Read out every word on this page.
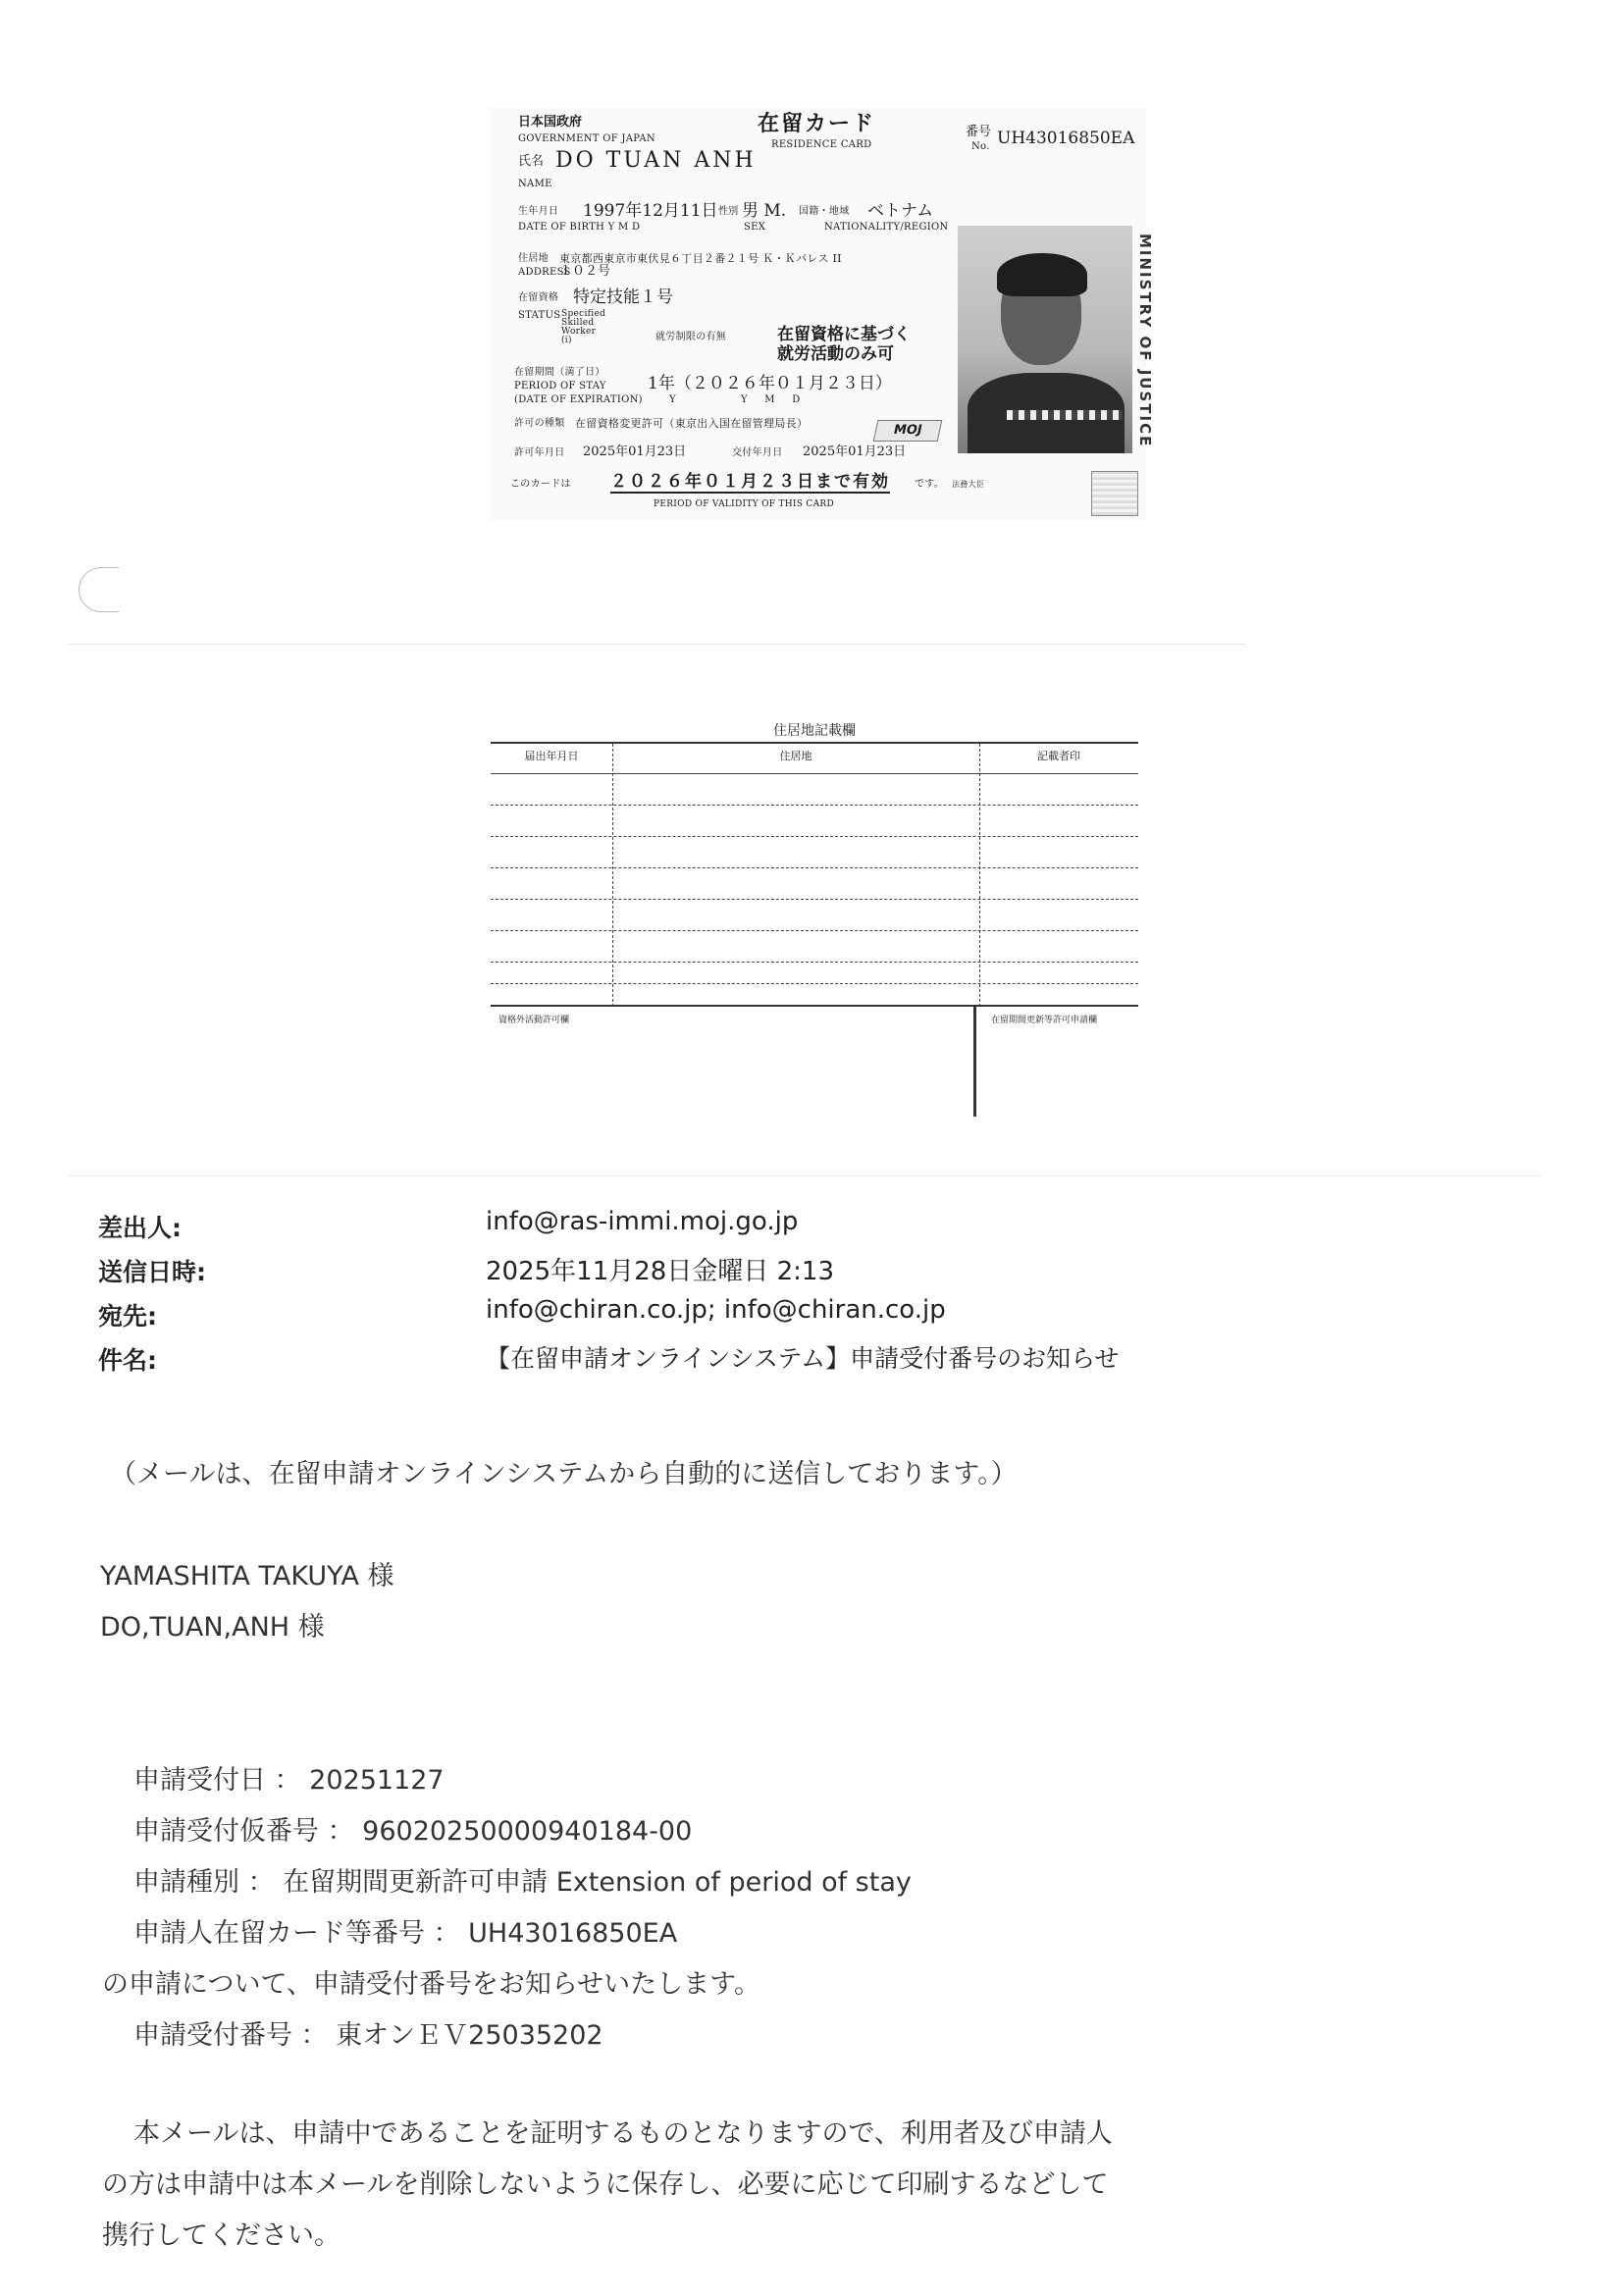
日本国政府
GOVERNMENT OF JAPAN
在留カード
RESIDENCE CARD
番号
No. UH43016850EA
氏名 DO TUAN ANH
NAME
生年月日 1997年12月11日
DATE OF BIRTH Y M D
性別
SEX
男 M. 国籍・地域
NATIONALITY/REGION
ベトナム
住居地
ADDRESS
東京都西東京市東伏見６丁目２番２１号 Ｋ・Ｋパレス II
１０２号
在留資格 特定技能１号
STATUS Specified
Skilled
Worker
(i)	就労制限の有無	在留資格に基づく
就労活動のみ可
在留期間（満了日）
PERIOD OF STAY
(DATE OF EXPIRATION)
1年（２０２６年０１月２３日）
Y                   Y     M     D
許可の種類 在留資格変更許可（東京出入国在留管理局長）	MOJ
許可年月日 2025年01月23日	交付年月日 2025年01月23日
このカードは ２０２６年０１月２３日まで有効	です。 法務大臣
PERIOD OF VALIDITY OF THIS CARD
MINISTRY OF JUSTICE
住居地記載欄
届出年月日	住居地	記載者印
資格外活動許可欄	在留期間更新等許可申請欄
差出人:	info@ras-immi.moj.go.jp
送信日時:	2025年11月28日金曜日 2:13
宛先:	info@chiran.co.jp; info@chiran.co.jp
件名:	【在留申請オンラインシステム】申請受付番号のお知らせ
（メールは、在留申請オンラインシステムから自動的に送信しております。）
YAMASHITA TAKUYA 様
DO,TUAN,ANH 様
申請受付日 ： 20251127
申請受付仮番号 ： 96020250000940184-00
申請種別 ： 在留期間更新許可申請 Extension of period of stay
申請人在留カード等番号 ： UH43016850EA
の申請について、申請受付番号をお知らせいたします。
申請受付番号 ： 東オンＥＶ25035202
本メールは、申請中であることを証明するものとなりますので、利用者及び申請人
の方は申請中は本メールを削除しないように保存し、必要に応じて印刷するなどして
携行してください。
